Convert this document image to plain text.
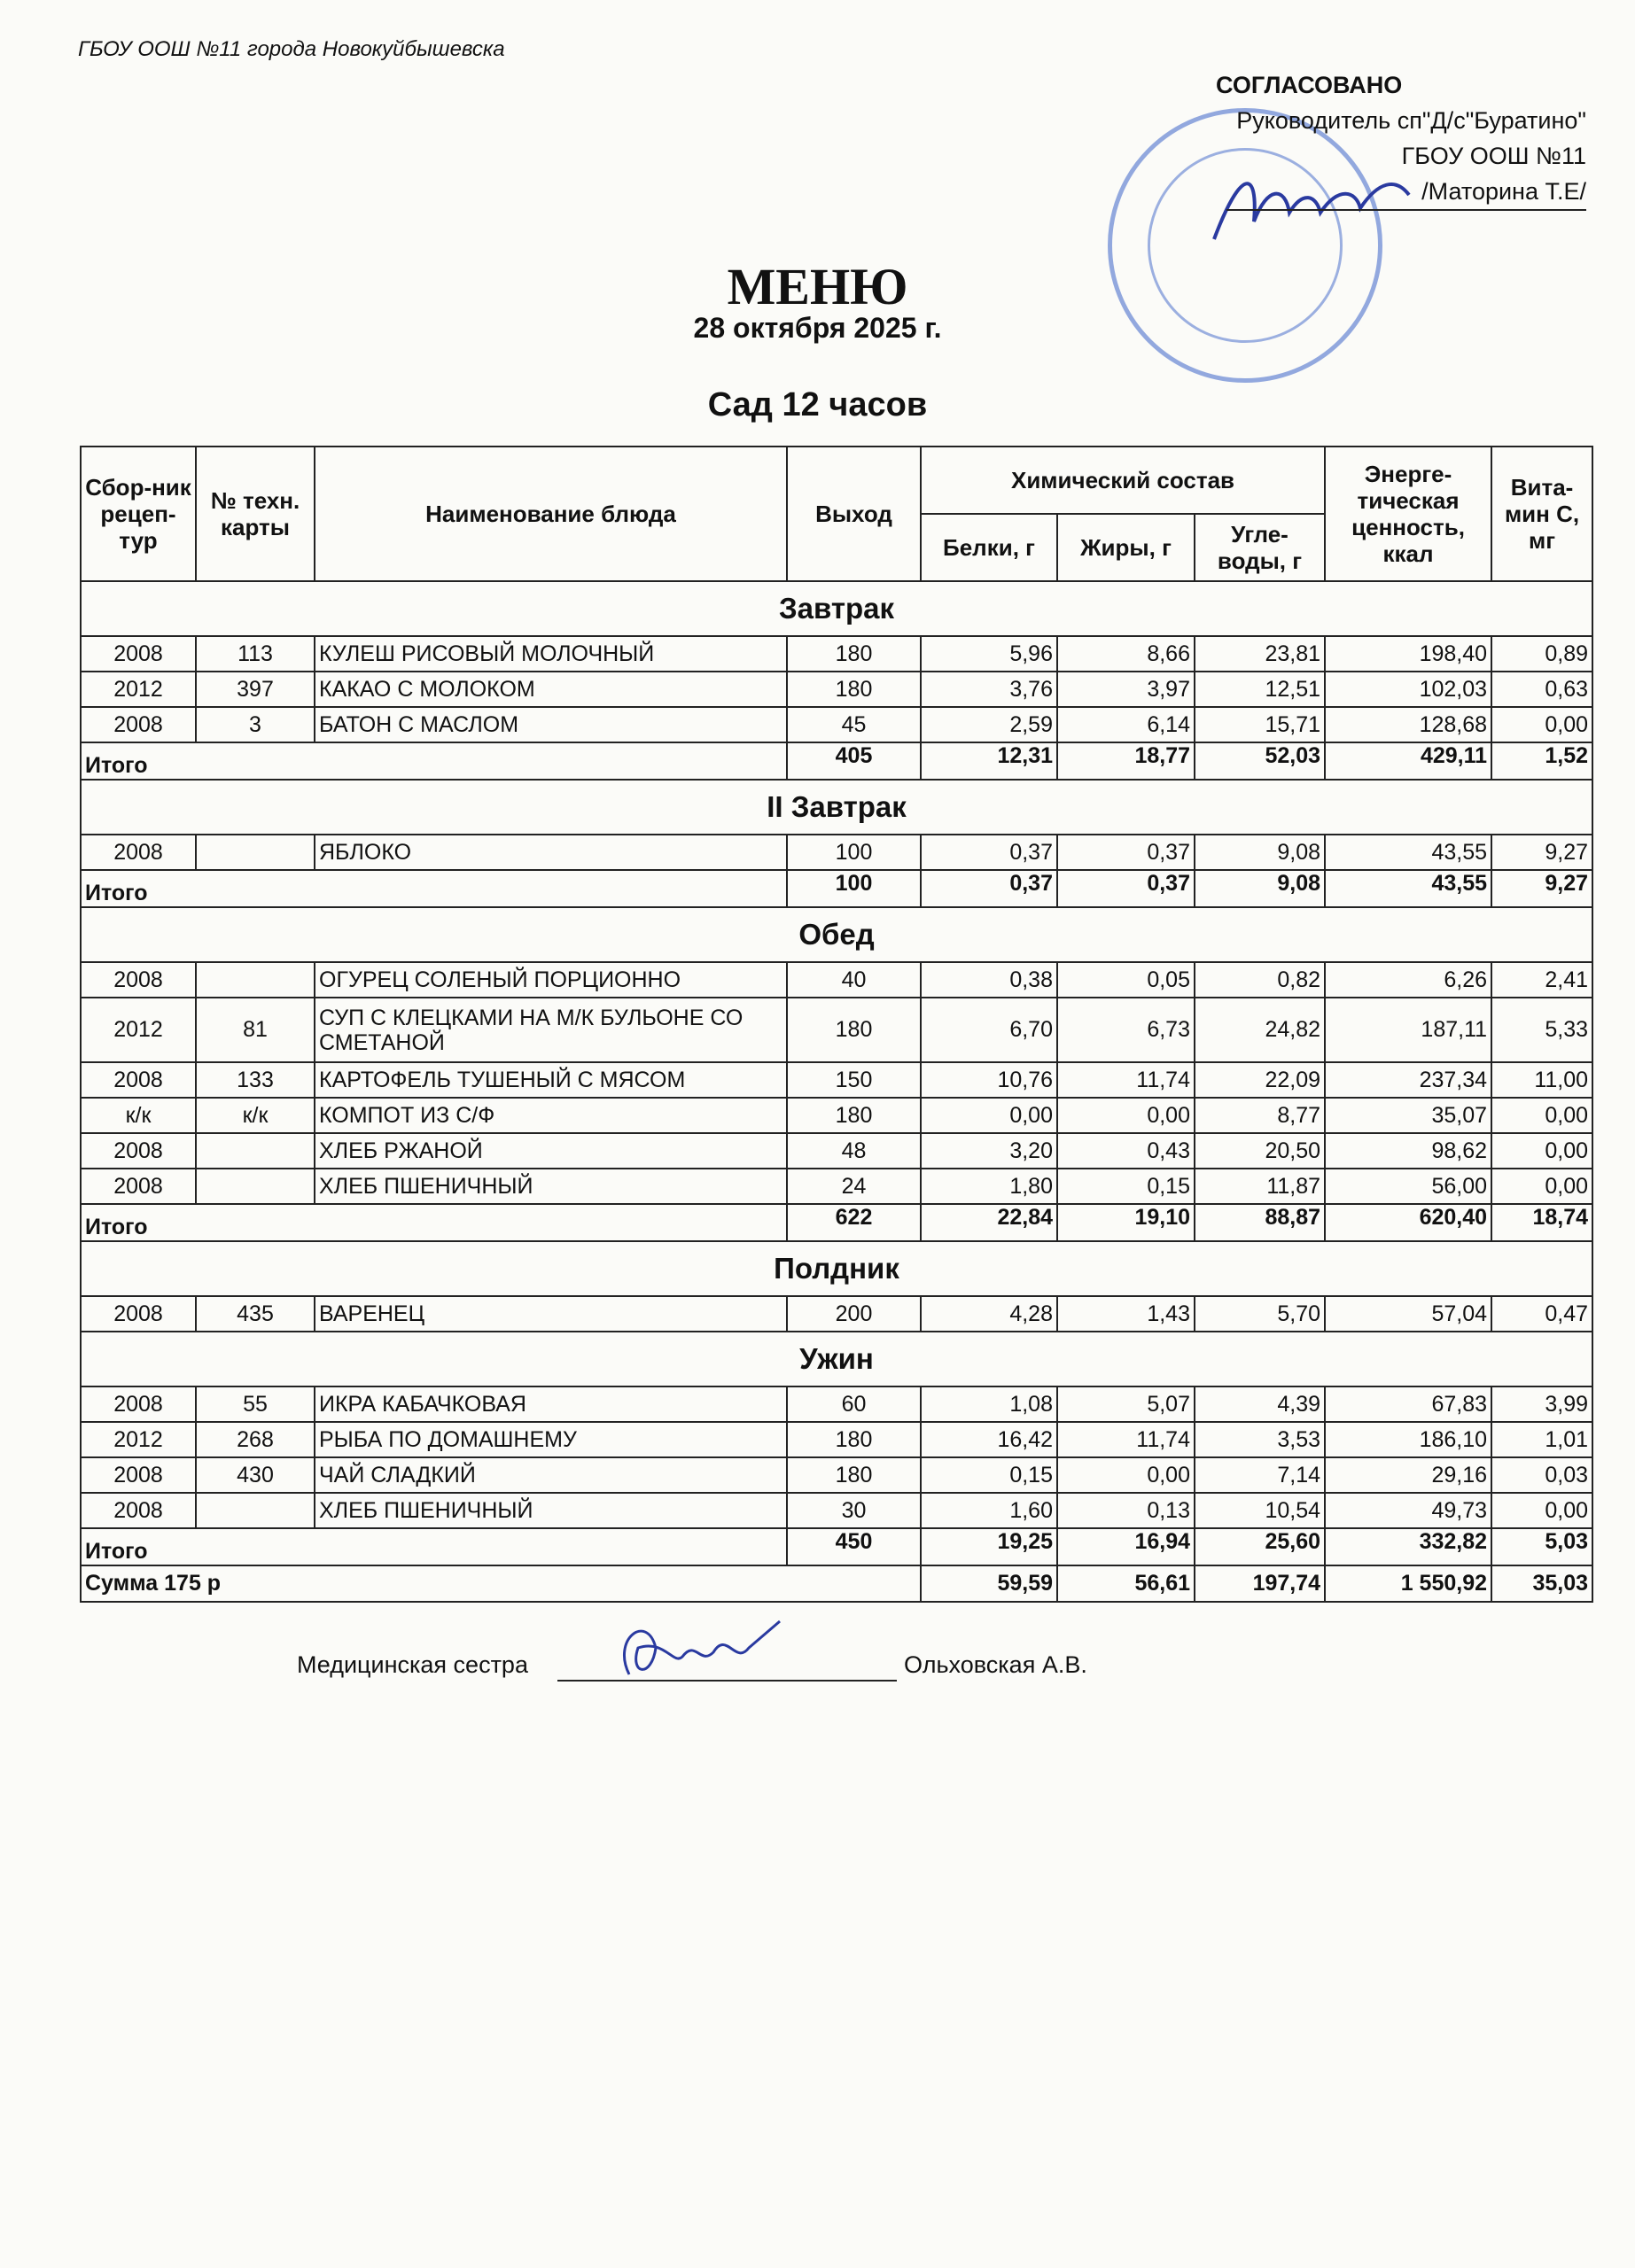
ГБОУ ООШ №11 города Новокуйбышевска
СОГЛАСОВАНО
Руководитель сп"Д/с"Буратино"
ГБОУ ООШ №11
/Маторина Т.Е/
МЕНЮ
28 октября 2025 г.
Сад 12 часов
Сбор-ник рецеп-тур	№ техн. карты	Наименование блюда	Выход	Химический состав			Энерге-тическая ценность, ккал	Вита-мин С, мг
				Белки, г	Жиры, г	Угле-воды, г		
Завтрак								
2008	113	КУЛЕШ РИСОВЫЙ МОЛОЧНЫЙ	180	5,96	8,66	23,81	198,40	0,89
2012	397	КАКАО С МОЛОКОМ	180	3,76	3,97	12,51	102,03	0,63
2008	3	БАТОН С МАСЛОМ	45	2,59	6,14	15,71	128,68	0,00
Итого			405	12,31	18,77	52,03	429,11	1,52
II Завтрак								
2008		ЯБЛОКО	100	0,37	0,37	9,08	43,55	9,27
Итого			100	0,37	0,37	9,08	43,55	9,27
Обед								
2008		ОГУРЕЦ СОЛЕНЫЙ ПОРЦИОННО	40	0,38	0,05	0,82	6,26	2,41
2012	81	СУП С КЛЕЦКАМИ НА М/К БУЛЬОНЕ СО СМЕТАНОЙ	180	6,70	6,73	24,82	187,11	5,33
2008	133	КАРТОФЕЛЬ ТУШЕНЫЙ С МЯСОМ	150	10,76	11,74	22,09	237,34	11,00
к/к	к/к	КОМПОТ ИЗ С/Ф	180	0,00	0,00	8,77	35,07	0,00
2008		ХЛЕБ РЖАНОЙ	48	3,20	0,43	20,50	98,62	0,00
2008		ХЛЕБ ПШЕНИЧНЫЙ	24	1,80	0,15	11,87	56,00	0,00
Итого			622	22,84	19,10	88,87	620,40	18,74
Полдник								
2008	435	ВАРЕНЕЦ	200	4,28	1,43	5,70	57,04	0,47
Ужин								
2008	55	ИКРА КАБАЧКОВАЯ	60	1,08	5,07	4,39	67,83	3,99
2012	268	РЫБА ПО ДОМАШНЕМУ	180	16,42	11,74	3,53	186,10	1,01
2008	430	ЧАЙ СЛАДКИЙ	180	0,15	0,00	7,14	29,16	0,03
2008		ХЛЕБ ПШЕНИЧНЫЙ	30	1,60	0,13	10,54	49,73	0,00
Итого			450	19,25	16,94	25,60	332,82	5,03
Сумма 175 р				59,59	56,61	197,74	1 550,92	35,03
Медицинская сестра	Ольховская А.В.
